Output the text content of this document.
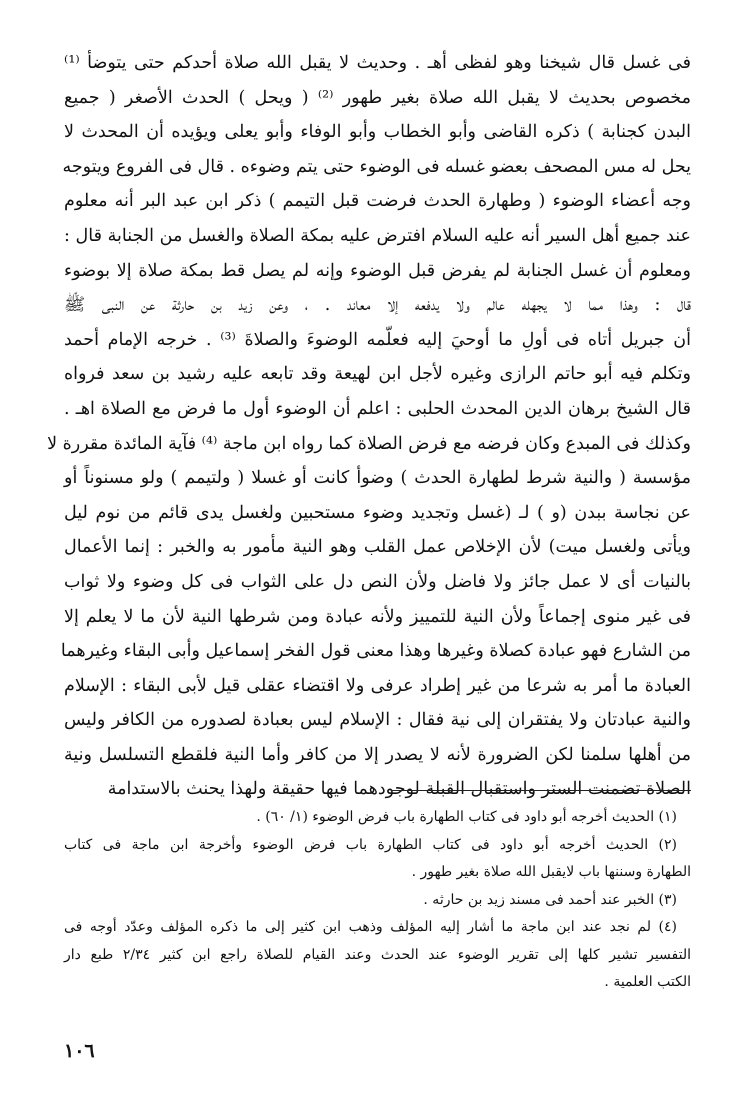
فى غسل قال شيخنا وهو لفظى أهـ . وحديث لا يقبل الله صلاة أحدكم حتى يتوضأ ⁽¹⁾
مخصوص بحديث لا يقبل الله صلاة بغير طهور ⁽²⁾ ( ويحل ) الحدث الأصغر ( جميع
البدن كجنابة ) ذكره القاضى وأبو الخطاب وأبو الوفاء وأبو يعلى ويؤيده أن المحدث لا
يحل له مس المصحف بعضو غسله فى الوضوء حتى يتم وضوءه . قال فى الفروع ويتوجه
وجه أعضاء الوضوء ( وطهارة الحدث فرضت قبل التيمم ) ذكر ابن عبد البر أنه معلوم
عند جميع أهل السير أنه عليه السلام افترض عليه بمكة الصلاة والغسل من الجنابة قال :
ومعلوم أن غسل الجنابة لم يفرض قبل الوضوء وإنه لم يصل قط بمكة صلاة إلا بوضوء
قال : وهذا مما لا يجهله عالم ولا يدفعه إلا معاند . ، وعن زيد بن حارثة عن النبى ﷺ
أن جبريل أتاه فى أولِ ما أوحيَ إليه فعلّمه الوضوءَ والصلاةَ ⁽³⁾ . خرجه الإمام أحمد
وتكلم فيه أبو حاتم الرازى وغيره لأجل ابن لهيعة وقد تابعه عليه رشيد بن سعد فرواه
قال الشيخ برهان الدين المحدث الحلبى : اعلم أن الوضوء أول ما فرض مع الصلاة اهـ .
وكذلك فى المبدع وكان فرضه مع فرض الصلاة كما رواه ابن ماجة ⁽⁴⁾ فآية المائدة مقررة لا
مؤسسة ( والنية شرط لطهارة الحدث ) وضوأ كانت أو غسلا ( ولتيمم ) ولو مسنوناً أو
عن نجاسة ببدن (و ) لـ (غسل وتجديد وضوء مستحبين ولغسل يدى قائم من نوم ليل
ويأتى ولغسل ميت) لأن الإخلاص عمل القلب وهو النية مأمور به والخبر : إنما الأعمال
بالنيات أى لا عمل جائز ولا فاضل ولأن النص دل على الثواب فى كل وضوء ولا ثواب
فى غير منوى إجماعاً ولأن النية للتمييز ولأنه عبادة ومن شرطها النية لأن ما لا يعلم إلا
من الشارع فهو عبادة كصلاة وغيرها وهذا معنى قول الفخر إسماعيل وأبى البقاء وغيرهما
العبادة ما أمر به شرعا من غير إطراد عرفى ولا اقتضاء عقلى قيل لأبى البقاء : الإسلام
والنية عبادتان ولا يفتقران إلى نية فقال : الإسلام ليس بعبادة لصدوره من الكافر وليس
من أهلها سلمنا لكن الضرورة لأنه لا يصدر إلا من كافر وأما النية فلقطع التسلسل ونية
الصلاة تضمنت الستر واستقبال القبلة لوجودهما فيها حقيقة ولهذا يحنث بالاستدامة
(١) الحديث أخرجه أبو داود فى كتاب الطهارة باب فرض الوضوء (١/ ٦٠) .
(٢) الحديث أخرجه أبو داود فى كتاب الطهارة باب فرض الوضوء وأخرجة ابن ماجة فى كتاب
الطهارة وسننها باب لايقبل الله صلاة بغير طهور .
(٣) الخبر عند أحمد فى مسند زيد بن حارثه .
(٤) لم نجد عند ابن ماجة ما أشار إليه المؤلف وذهب ابن كثير إلى ما ذكره المؤلف وعدّد أوجه فى
التفسير تشير كلها إلى تقرير الوضوء عند الحدث وعند القيام للصلاة راجع ابن كثير ٢/٣٤ طبع دار
الكتب العلمية .
١٠٦
